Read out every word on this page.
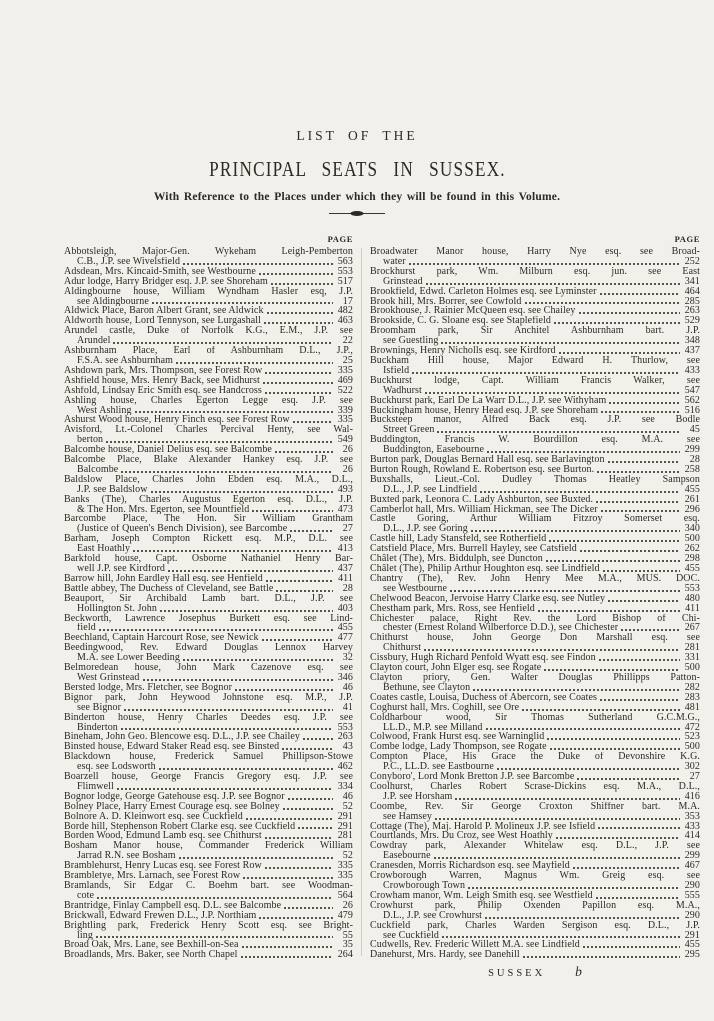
LIST OF THE
PRINCIPAL SEATS IN SUSSEX.
With Reference to the Places under which they will be found in this Volume.
PAGE
Abbotsleigh, Major-Gen. Wykeham Leigh-Pemberton
C.B., J.P. see Wivelsfield	563
Adsdean, Mrs. Kincaid-Smith, see Westbourne	553
Adur lodge, Harry Bridger esq. J.P. see Shoreham	517
Aldingbourne house, William Wyndham Hasler esq, J.P.
see Aldingbourne	17
Aldwick Place, Baron Albert Grant, see Aldwick	482
Aldworth house, Lord Tennyson, see Lurgashall	463
Arundel castle, Duke of Norfolk K.G., E.M., J.P. see
Arundel	22
Ashburnham Place, Earl of Ashburnham D.L., J.P.,
F.S.A. see Ashburnham	25
Ashdown park, Mrs. Thompson, see Forest Row	335
Ashfield house, Mrs. Henry Back, see Midhurst	469
Ashfold, Lindsay Eric Smith esq. see Handcross	522
Ashling house, Charles Egerton Legge esq. J.P. see
West Ashling	339
Ashurst Wood house, Henry Finch esq. see Forest Row	335
Avisford, Lt.-Colonel Charles Percival Henty, see Wal-
berton	549
Balcombe house, Daniel Delius esq. see Balcombe	26
Balcombe Place, Blake Alexander Hankey esq. J.P. see
Balcombe	26
Baldslow Place, Charles John Ebden esq. M.A., D.L.,
J.P. see Baldslow	493
Banks (The), Charles Augustus Egerton esq. D.L., J.P.
& The Hon. Mrs. Egerton, see Mountfield	473
Barcombe Place, The Hon. Sir William Grantham
(Justice of Queen's Bench Division), see Barcombe	27
Barham, Joseph Compton Rickett esq. M.P., D.L. see
East Hoathly	413
Barkfold house, Capt. Osborne Nathaniel Henry Bar-
well J.P. see Kirdford	437
Barrow hill, John Eardley Hall esq. see Henfield	411
Battle abbey, The Duchess of Cleveland, see Battle	28
Beauport, Sir Archibald Lamb bart. D.L., J.P. see
Hollington St. John	403
Beckworth, Lawrence Josephus Burkett esq. see Lind-
field	455
Beechland, Captain Harcourt Rose, see Newick	477
Beedingwood, Rev. Edward Douglas Lennox Harvey
M.A. see Lower Beeding	32
Belmoredean house, John Mark Cazenove esq. see
West Grinstead	346
Bersted lodge, Mrs. Fletcher, see Bognor	46
Bignor park, John Heywood Johnstone esq. M.P., J.P.
see Bignor	41
Binderton house, Henry Charles Deedes esq. J.P. see
Binderton	553
Bineham, John Geo. Blencowe esq. D.L., J.P. see Chailey	263
Binsted house, Edward Staker Read esq. see Binsted	43
Blackdown house, Frederick Samuel Phillipson-Stowe
esq. see Lodsworth	462
Boarzell house, George Francis Gregory esq. J.P. see
Flimwell	334
Bognor lodge, George Gatehouse esq. J.P. see Bognor	46
Bolney Place, Harry Ernest Courage esq. see Bolney	52
Bolnore A. D. Kleinwort esq. see Cuckfield	291
Borde hill, Stephenson Robert Clarke esq. see Cuckfield	291
Borden Wood, Edmund Lamb esq. see Chithurst	281
Bosham Manor house, Commander Frederick William
Jarrad R.N. see Bosham	52
Bramblehurst, Henry Lucas esq. see Forest Row	335
Brambletye, Mrs. Larnach, see Forest Row	335
Bramlands, Sir Edgar C. Boehm bart. see Woodman-
cote	564
Brantridge, Finlay Campbell esq. D.L. see Balcombe	26
Brickwall, Edward Frewen D.L., J.P. Northiam	479
Brightling park, Frederick Henry Scott esq. see Bright-
ling	55
Broad Oak, Mrs. Lane, see Bexhill-on-Sea	35
Broadlands, Mrs. Baker, see North Chapel	264
PAGE
Broadwater Manor house, Harry Nye esq. see Broad-
water	252
Brockhurst park, Wm. Milburn esq. jun. see East
Grinstead	341
Brookfield, Edwd. Carleton Holmes esq. see Lyminster	464
Brook hill, Mrs. Borrer, see Cowfold	285
Brookhouse, J. Rainier McQueen esq. see Chailey	263
Brookside, C. G. Sloane esq. see Staplefield	529
Broomham park, Sir Anchitel Ashburnham bart. J.P.
see Guestling	348
Brownings, Henry Nicholls esq. see Kirdford	437
Buckham Hill house, Major Edward H. Thurlow, see
Isfield	433
Buckhurst lodge, Capt. William Francis Walker, see
Wadhurst	547
Buckhurst park, Earl De La Warr D.L., J.P. see Withyham	562
Buckingham house, Henry Head esq. J.P. see Shoreham	516
Bucksteep manor, Alfred Back esq. J.P. see Bodle
Street Green	45
Buddington, Francis W. Bourdillon esq. M.A. see
Buddington, Easebourne	299
Burton park, Douglas Bernard Hall esq. see Barlavington	28
Burton Rough, Rowland E. Robertson esq. see Burton.	258
Buxshalls, Lieut.-Col. Dudley Thomas Heatley Sampson
D.L., J.P. see Lindfield	455
Buxted park, Leonora C. Lady Ashburton, see Buxted.	261
Camberlot hall, Mrs. William Hickman, see The Dicker	296
Castle Goring, Arthur William Fitzroy Somerset esq.
D.L., J.P. see Goring	340
Castle hill, Lady Stansfeld, see Rotherfield	500
Catsfield Place, Mrs. Burrell Hayley, see Catsfield	262
Châlet (The), Mrs. Biddulph, see Duncton	298
Châlet (The), Philip Arthur Houghton esq. see Lindfield	455
Chantry (The), Rev. John Henry Mee M.A., MUS. DOC.
see Westbourne	553
Chelwood Beacon, Jervoise Harry Clarke esq. see Nutley	480
Chestham park, Mrs. Ross, see Henfield	411
Chichester palace, Right Rev. the Lord Bishop of Chi-
chester (Ernest Roland Wilberforce D.D.), see Chichester	267
Chithurst house, John George Don Marshall esq. see
Chithurst	281
Cissbury, Hugh Richard Penfold Wyatt esq. see Findon	331
Clayton court, John Elger esq. see Rogate	500
Clayton priory, Gen. Walter Douglas Phillipps Patton-
Bethune, see Clayton	282
Coates castle, Louisa, Duchess of Abercorn, see Coates	283
Coghurst hall, Mrs. Coghill, see Ore	481
Coldharbour wood, Sir Thomas Sutherland G.C.M.G.,
LL.D., M.P. see Milland	472
Colwood, Frank Hurst esq. see Warninglid	523
Combe lodge, Lady Thompson, see Rogate	500
Compton Place, His Grace the Duke of Devonshire K.G.
P.C., LL.D. see Eastbourne	302
Conyboro', Lord Monk Bretton J.P. see Barcombe	27
Coolhurst, Charles Robert Scrase-Dickins esq. M.A., D.L.,
J.P. see Horsham	416
Coombe, Rev. Sir George Croxton Shiffner bart. M.A.
see Hamsey	353
Cottage (The), Maj. Harold P. Molineux J.P. see Isfield	433
Courtlands, Mrs. Du Croz, see West Hoathly	414
Cowdray park, Alexander Whitelaw esq. D.L., J.P. see
Easebourne	299
Cranesden, Morris Richardson esq. see Mayfield	467
Crowborough Warren, Magnus Wm. Greig esq. see
Crowborough Town	290
Crowham manor, Wm. Leigh Smith esq. see Westfield	555
Crowhurst park, Philip Oxenden Papillon esq. M.A.,
D.L., J.P. see Crowhurst	290
Cuckfield park, Charles Warden Sergison esq. D.L., J.P.
see Cuckfield	291
Cudwells, Rev. Frederic Willett M.A. see Lindfield	455
Danehurst, Mrs. Hardy, see Danehill	295
SUSSEX b
